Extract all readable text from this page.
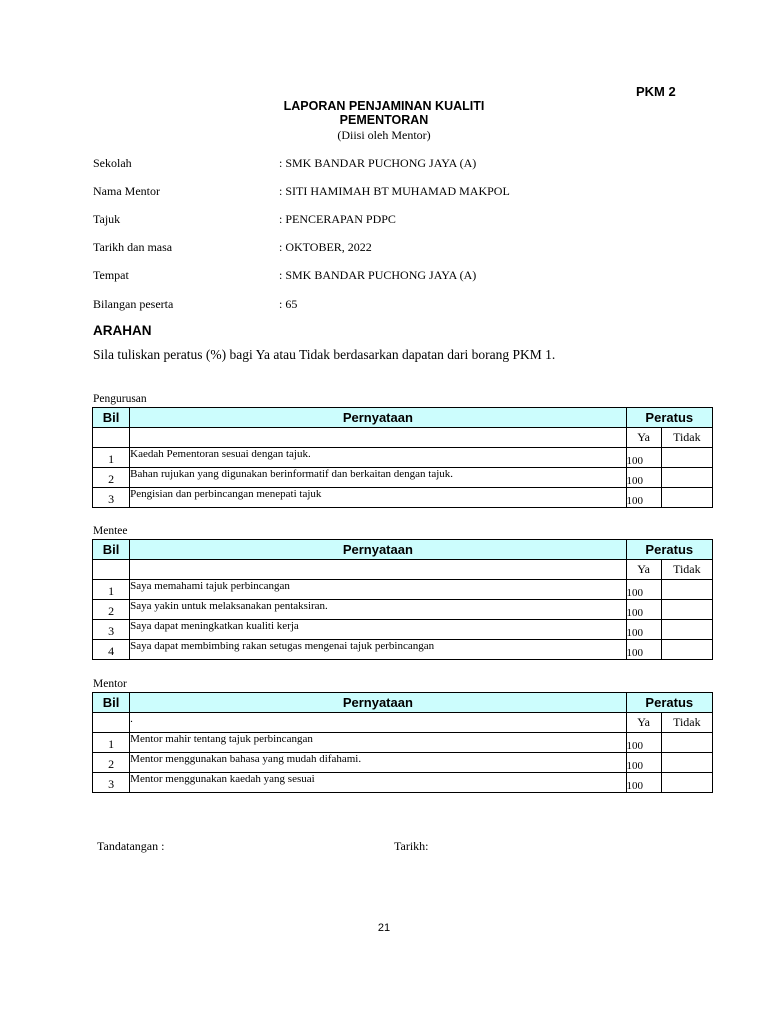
PKM 2
LAPORAN PENJAMINAN KUALITI
PEMENTORAN
(Diisi oleh Mentor)
Sekolah	: SMK BANDAR PUCHONG JAYA (A)
Nama Mentor	: SITI HAMIMAH BT MUHAMAD MAKPOL
Tajuk	: PENCERAPAN PDPC
Tarikh dan masa	: OKTOBER, 2022
Tempat	: SMK BANDAR PUCHONG JAYA (A)
Bilangan peserta	: 65
ARAHAN
Sila tuliskan peratus (%) bagi Ya atau Tidak berdasarkan dapatan dari borang PKM 1.
Pengurusan
Bil	Pernyataan	Peratus	
		Ya	Tidak
1	Kaedah Pementoran sesuai dengan tajuk.	100	
2	Bahan rujukan yang digunakan berinformatif dan berkaitan dengan tajuk.	100	
3	Pengisian dan perbincangan menepati tajuk	100	
Mentee
Bil	Pernyataan	Peratus	
		Ya	Tidak
1	Saya memahami tajuk perbincangan	100	
2	Saya yakin untuk melaksanakan pentaksiran.	100	
3	Saya dapat meningkatkan kualiti kerja	100	
4	Saya dapat membimbing rakan setugas mengenai tajuk perbincangan	100	
Mentor
Bil	Pernyataan	Peratus	
	.	Ya	Tidak
1	Mentor mahir tentang tajuk perbincangan	100	
2	Mentor menggunakan bahasa yang mudah difahami.	100	
3	Mentor menggunakan kaedah yang sesuai	100	
Tandatangan :	Tarikh:
21
